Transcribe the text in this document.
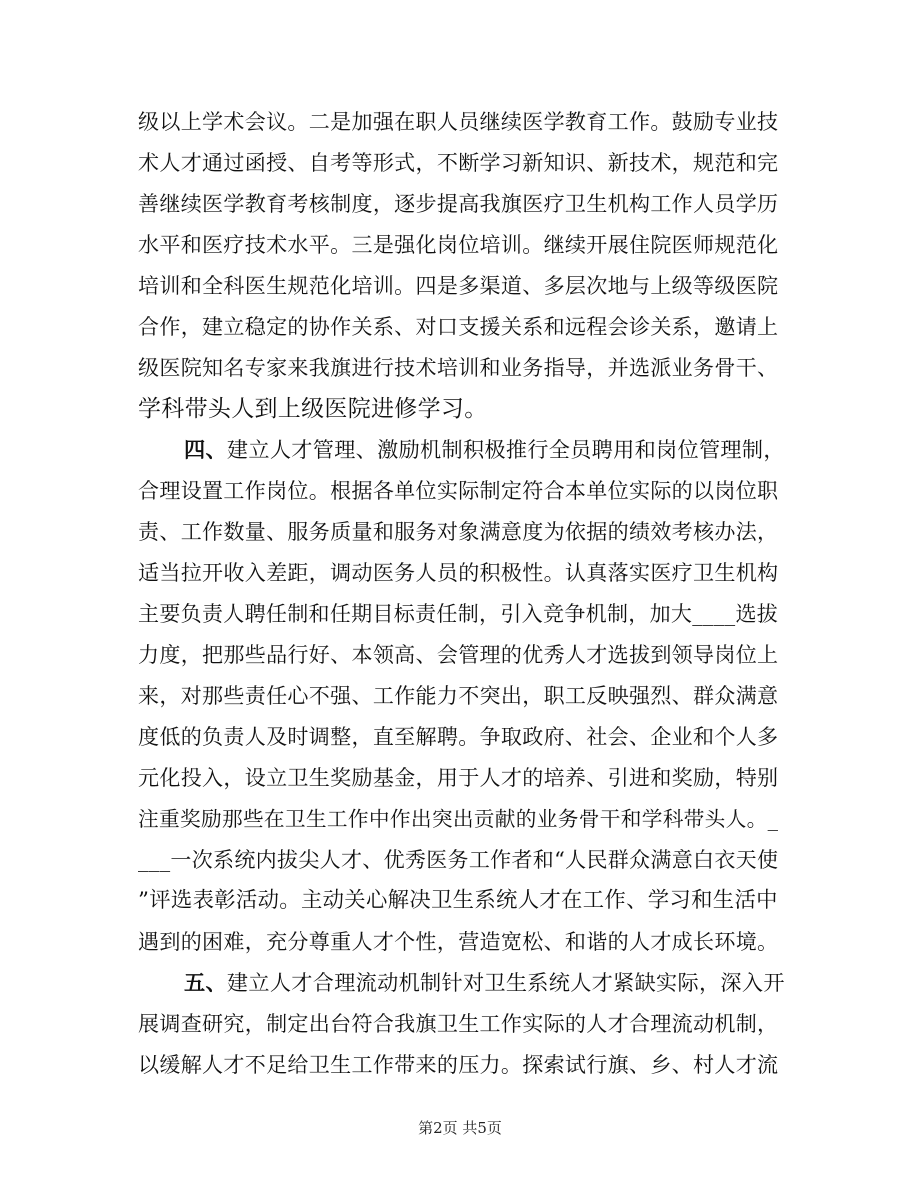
级以上学术会议。二是加强在职人员继续医学教育工作。鼓励专业技
术人才通过函授、自考等形式，不断学习新知识、新技术，规范和完
善继续医学教育考核制度，逐步提高我旗医疗卫生机构工作人员学历
水平和医疗技术水平。三是强化岗位培训。继续开展住院医师规范化
培训和全科医生规范化培训。四是多渠道、多层次地与上级等级医院
合作，建立稳定的协作关系、对口支援关系和远程会诊关系，邀请上
级医院知名专家来我旗进行技术培训和业务指导，并选派业务骨干、
学科带头人到上级医院进修学习。
四、建立人才管理、激励机制积极推行全员聘用和岗位管理制，
合理设置工作岗位。根据各单位实际制定符合本单位实际的以岗位职
责、工作数量、服务质量和服务对象满意度为依据的绩效考核办法，
适当拉开收入差距，调动医务人员的积极性。认真落实医疗卫生机构
主要负责人聘任制和任期目标责任制，引入竞争机制，加大____选拔
力度，把那些品行好、本领高、会管理的优秀人才选拔到领导岗位上
来，对那些责任心不强、工作能力不突出，职工反映强烈、群众满意
度低的负责人及时调整，直至解聘。争取政府、社会、企业和个人多
元化投入，设立卫生奖励基金，用于人才的培养、引进和奖励，特别
注重奖励那些在卫生工作中作出突出贡献的业务骨干和学科带头人。_
___一次系统内拔尖人才、优秀医务工作者和“人民群众满意白衣天使
”评选表彰活动。主动关心解决卫生系统人才在工作、学习和生活中
遇到的困难，充分尊重人才个性，营造宽松、和谐的人才成长环境。
五、建立人才合理流动机制针对卫生系统人才紧缺实际，深入开
展调查研究，制定出台符合我旗卫生工作实际的人才合理流动机制，
以缓解人才不足给卫生工作带来的压力。探索试行旗、乡、村人才流
第2页 共5页
